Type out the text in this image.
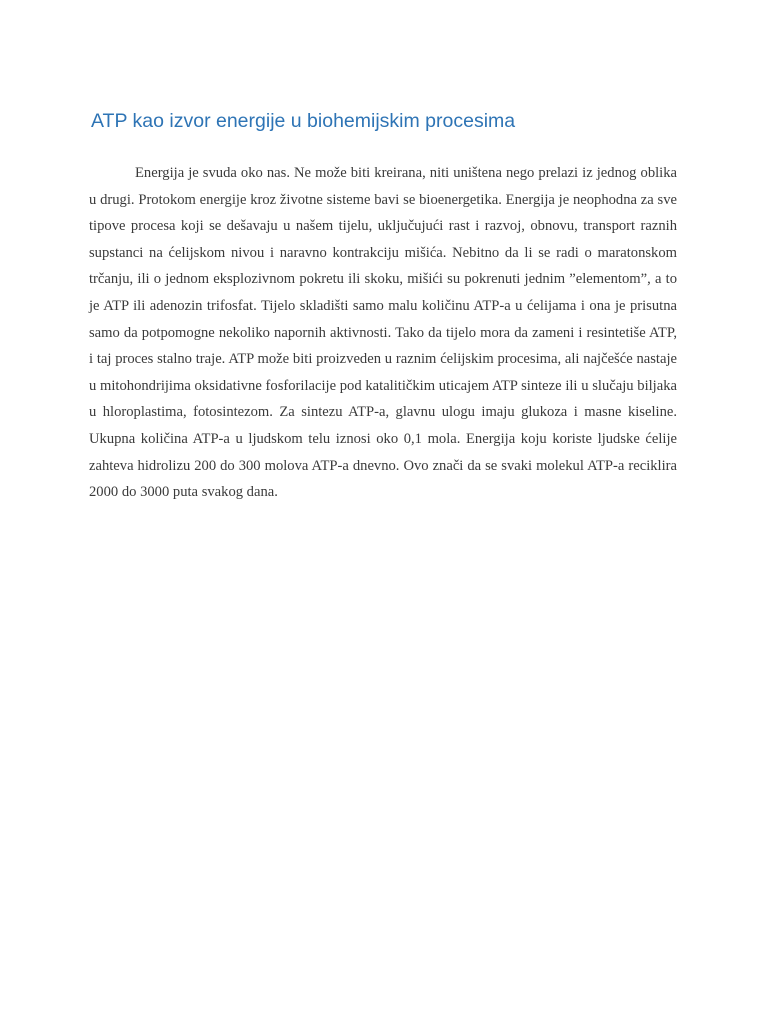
ATP kao izvor energije u biohemijskim procesima

Energija je svuda oko nas. Ne može biti kreirana, niti uništena nego prelazi iz jednog oblika u drugi. Protokom energije kroz životne sisteme bavi se bioenergetika. Energija je neophodna za sve tipove procesa koji se dešavaju u našem tijelu, uključujući rast i razvoj, obnovu, transport raznih supstanci na ćelijskom nivou i naravno kontrakciju mišića. Nebitno da li se radi o maratonskom trčanju, ili o jednom eksplozivnom pokretu ili skoku, mišići su pokrenuti jednim ”elementom”, a to je ATP ili adenozin trifosfat. Tijelo skladišti samo malu količinu ATP-a u ćelijama i ona je prisutna samo da potpomogne nekoliko napornih aktivnosti. Tako da tijelo mora da zameni i resintetiše ATP, i taj proces stalno traje. ATP može biti proizveden u raznim ćelijskim procesima, ali najčešće nastaje u mitohondrijima oksidativne fosforilacije pod katalitičkim uticajem ATP sinteze ili u slučaju biljaka u hloroplastima, fotosintezom. Za sintezu ATP-a, glavnu ulogu imaju glukoza i masne kiseline. Ukupna količina ATP-a u ljudskom telu iznosi oko 0,1 mola. Energija koju koriste ljudske ćelije zahteva hidrolizu 200 do 300 molova ATP-a dnevno. Ovo znači da se svaki molekul ATP-a reciklira 2000 do 3000 puta svakog dana.
